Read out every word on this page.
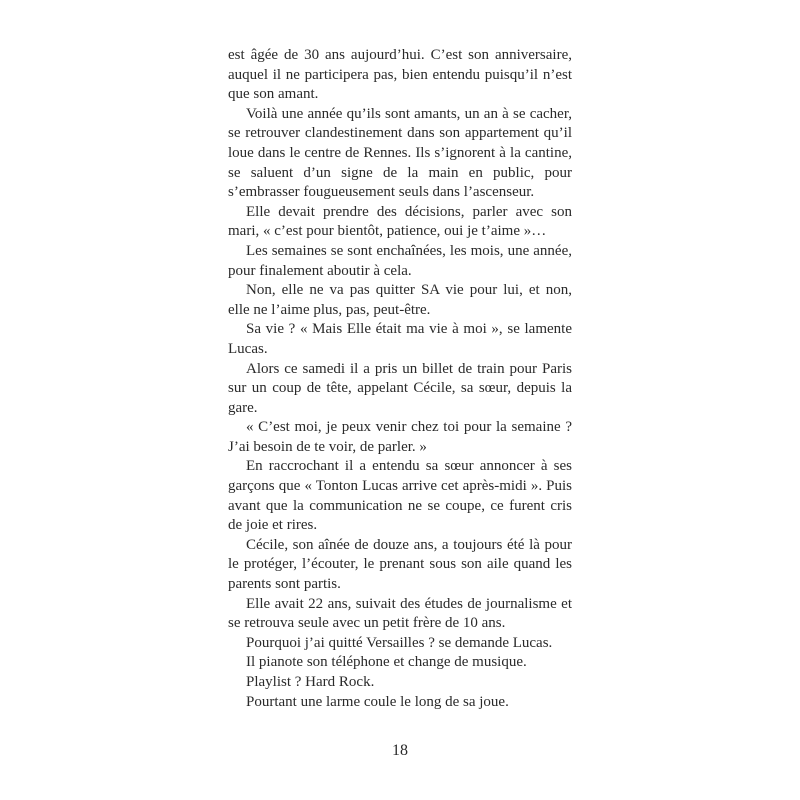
est âgée de 30 ans aujourd’hui. C’est son anniversaire, auquel il ne participera pas, bien entendu puisqu’il n’est que son amant.

Voilà une année qu’ils sont amants, un an à se cacher, se retrouver clandestinement dans son appartement qu’il loue dans le centre de Rennes. Ils s’ignorent à la cantine, se saluent d’un signe de la main en public, pour s’embrasser fougueusement seuls dans l’ascenseur.

Elle devait prendre des décisions, parler avec son mari, « c’est pour bientôt, patience, oui je t’aime »…

Les semaines se sont enchaînées, les mois, une année, pour finalement aboutir à cela.

Non, elle ne va pas quitter SA vie pour lui, et non, elle ne l’aime plus, pas, peut-être.

Sa vie ? « Mais Elle était ma vie à moi », se lamente Lucas.

Alors ce samedi il a pris un billet de train pour Paris sur un coup de tête, appelant Cécile, sa sœur, depuis la gare.

« C’est moi, je peux venir chez toi pour la semaine ? J’ai besoin de te voir, de parler. »

En raccrochant il a entendu sa sœur annoncer à ses garçons que « Tonton Lucas arrive cet après-midi ». Puis avant que la communication ne se coupe, ce furent cris de joie et rires.

Cécile, son aînée de douze ans, a toujours été là pour le protéger, l’écouter, le prenant sous son aile quand les parents sont partis.

Elle avait 22 ans, suivait des études de journalisme et se retrouva seule avec un petit frère de 10 ans.

Pourquoi j’ai quitté Versailles ? se demande Lucas.

Il pianote son téléphone et change de musique.

Playlist ? Hard Rock.

Pourtant une larme coule le long de sa joue.

18
